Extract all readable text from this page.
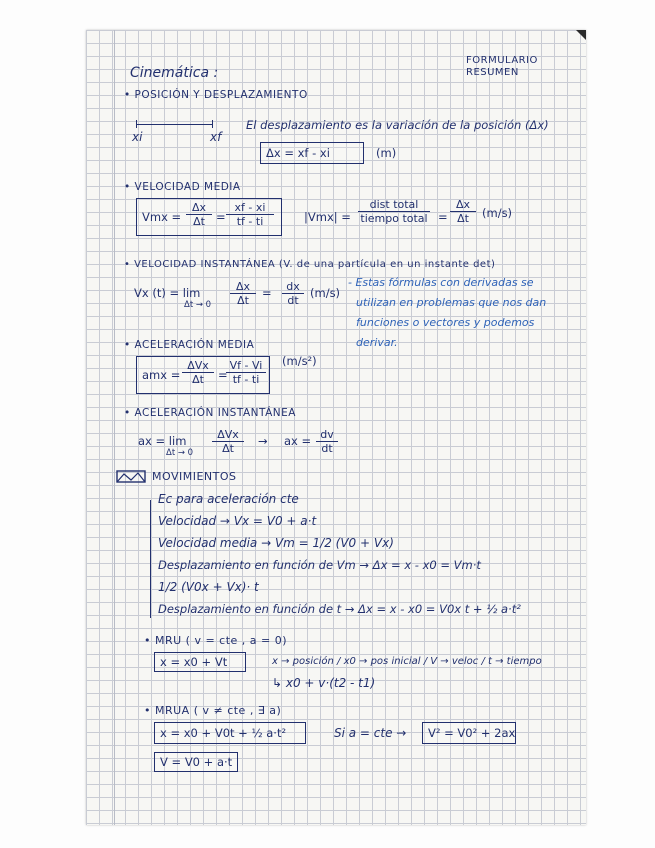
Cinemática :
FORMULARIO
RESUMEN
• POSICIÓN Y DESPLAZAMIENTO
xi	xf
El desplazamiento es la variación de la posición (Δx)
Δx = xf - xi	(m)
• VELOCIDAD MEDIA
Vmx = $\frac{\Delta x}{\Delta t} = \frac{xf - xi}{tf - ti}$	|Vmx| =
dist total
tiempo total = $\frac{\Delta x}{\Delta t} (m/s)$
• VELOCIDAD INSTANTÁNEA (V. de una partícula en un instante det)
Vx (t) = lim
$\Delta t \to 0 \frac{\Delta x}{\Delta t} = \frac{dx}{dt} (m/s)$
- Estas fórmulas con derivadas se
utilizan en problemas que nos dan
funciones o vectores y podemos
derivar.
• ACELERACIÓN MEDIA
amx =
ΔVx
Δt	=
$\frac{Vf - Vi}{tf - ti} (m/s^2)$
• ACELERACIÓN INSTANTÁNEA
ax = lim
Δt → 0
ΔVx
Δt
→ ax = $\frac{dv}{dt}$
MOVIMIENTOS
Ec para aceleración cte
Velocidad → Vx = V0 + a·t
Velocidad media → Vm = 1/2 (V0 + Vx)
Desplazamiento en función de Vm → Δx = x - x0 = Vm·t
1/2 (V0x + Vx)· t
Desplazamiento en función de t → Δx = x - x0 = V0x t + ½ a·t²
• MRU ( v = cte , a = 0)
x = x0 + Vt	x → posición / x0 → pos inicial / V → veloc / t → tiempo
↳ x0 + v·(t2 - t1)
• MRUA ( v ≠ cte , ∃ a)
x = x0 + V0t + ½ a·t²	Si a = cte → V² = V0² + 2ax
V = V0 + a·t
